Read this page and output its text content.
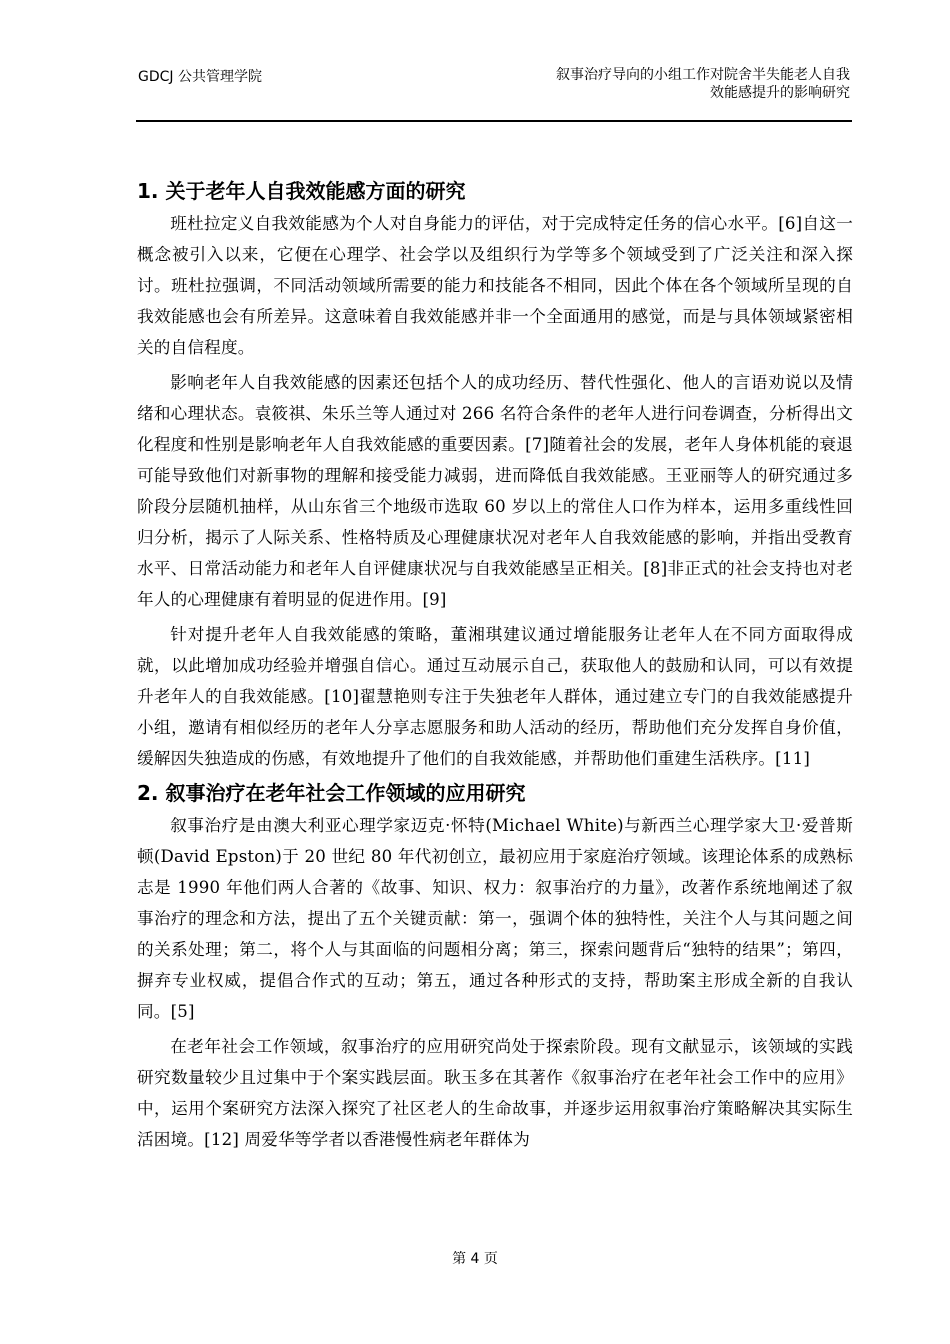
GDCJ 公共管理学院	叙事治疗导向的小组工作对院舍半失能老人自我效能感提升的影响研究
1. 关于老年人自我效能感方面的研究

班杜拉定义自我效能感为个人对自身能力的评估，对于完成特定任务的信心水平。[6]自这一概念被引入以来，它便在心理学、社会学以及组织行为学等多个领域受到了广泛关注和深入探讨。班杜拉强调，不同活动领域所需要的能力和技能各不相同，因此个体在各个领域所呈现的自我效能感也会有所差异。这意味着自我效能感并非一个全面通用的感觉，而是与具体领域紧密相关的自信程度。

影响老年人自我效能感的因素还包括个人的成功经历、替代性强化、他人的言语劝说以及情绪和心理状态。袁筱祺、朱乐兰等人通过对 266 名符合条件的老年人进行问卷调查，分析得出文化程度和性别是影响老年人自我效能感的重要因素。[7]随着社会的发展，老年人身体机能的衰退可能导致他们对新事物的理解和接受能力减弱，进而降低自我效能感。王亚丽等人的研究通过多阶段分层随机抽样，从山东省三个地级市选取 60 岁以上的常住人口作为样本，运用多重线性回归分析，揭示了人际关系、性格特质及心理健康状况对老年人自我效能感的影响，并指出受教育水平、日常活动能力和老年人自评健康状况与自我效能感呈正相关。[8]非正式的社会支持也对老年人的心理健康有着明显的促进作用。[9]

针对提升老年人自我效能感的策略，董湘琪建议通过增能服务让老年人在不同方面取得成就，以此增加成功经验并增强自信心。通过互动展示自己，获取他人的鼓励和认同，可以有效提升老年人的自我效能感。[10]翟慧艳则专注于失独老年人群体，通过建立专门的自我效能感提升小组，邀请有相似经历的老年人分享志愿服务和助人活动的经历，帮助他们充分发挥自身价值，缓解因失独造成的伤感，有效地提升了他们的自我效能感，并帮助他们重建生活秩序。[11]

2. 叙事治疗在老年社会工作领域的应用研究

叙事治疗是由澳大利亚心理学家迈克·怀特(Michael White)与新西兰心理学家大卫·爱普斯顿(David Epston)于 20 世纪 80 年代初创立，最初应用于家庭治疗领域。该理论体系的成熟标志是 1990 年他们两人合著的《故事、知识、权力：叙事治疗的力量》，改著作系统地阐述了叙事治疗的理念和方法，提出了五个关键贡献：第一，强调个体的独特性，关注个人与其问题之间的关系处理；第二，将个人与其面临的问题相分离；第三，探索问题背后“独特的结果”；第四，摒弃专业权威，提倡合作式的互动；第五，通过各种形式的支持，帮助案主形成全新的自我认同。[5]

在老年社会工作领域，叙事治疗的应用研究尚处于探索阶段。现有文献显示，该领域的实践研究数量较少且过集中于个案实践层面。耿玉多在其著作《叙事治疗在老年社会工作中的应用》中，运用个案研究方法深入探究了社区老人的生命故事，并逐步运用叙事治疗策略解决其实际生活困境。[12] 周爱华等学者以香港慢性病老年群体为

第 4 页
